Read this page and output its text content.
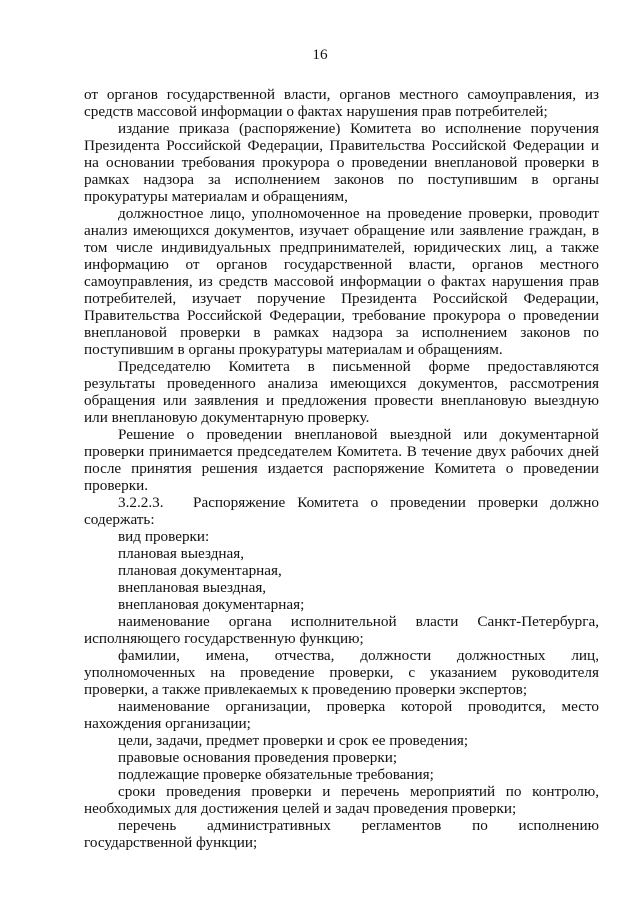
16

от органов государственной власти, органов местного самоуправления, из средств массовой информации о фактах нарушения прав потребителей;

издание приказа (распоряжение) Комитета во исполнение поручения Президента Российской Федерации, Правительства Российской Федерации и на основании требования прокурора о проведении внеплановой проверки в рамках надзора за исполнением законов по поступившим в органы прокуратуры материалам и обращениям,

должностное лицо, уполномоченное на проведение проверки, проводит анализ имеющихся документов, изучает обращение или заявление граждан, в том числе индивидуальных предпринимателей, юридических лиц, а также информацию от органов государственной власти, органов местного самоуправления, из средств массовой информации о фактах нарушения прав потребителей, изучает поручение Президента Российской Федерации, Правительства Российской Федерации, требование прокурора о проведении внеплановой проверки в рамках надзора за исполнением законов по поступившим в органы прокуратуры материалам и обращениям.

Председателю Комитета в письменной форме предоставляются результаты проведенного анализа имеющихся документов, рассмотрения обращения или заявления и предложения провести внеплановую выездную или внеплановую документарную проверку.

Решение о проведении внеплановой выездной или документарной проверки принимается председателем Комитета. В течение двух рабочих дней после принятия решения издается распоряжение Комитета о проведении проверки.

3.2.2.3.	Распоряжение Комитета о проведении проверки должно

содержать:

вид проверки:

плановая выездная,

плановая документарная,

внеплановая выездная,

внеплановая документарная;

наименование органа исполнительной власти Санкт-Петербурга, исполняющего государственную функцию;

фамилии, имена, отчества, должности должностных лиц, уполномоченных на проведение проверки, с указанием руководителя проверки, а также привлекаемых к проведению проверки экспертов;

наименование организации, проверка которой проводится, место нахождения организации;

цели, задачи, предмет проверки и срок ее проведения;

правовые основания проведения проверки;

подлежащие проверке обязательные требования;

сроки проведения проверки и перечень мероприятий по контролю, необходимых для достижения целей и задач проведения проверки;

перечень административных регламентов по исполнению государственной функции;
